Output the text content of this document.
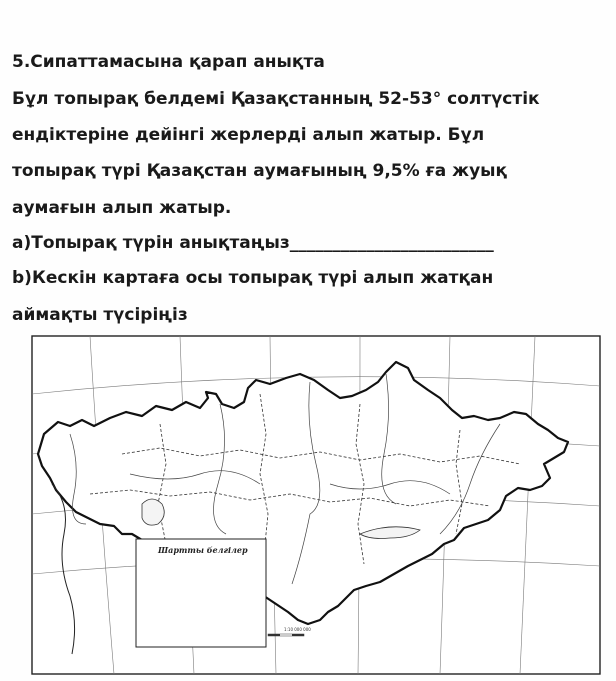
5.Сипаттамасына қарап анықта
Бұл топырақ белдемі Қазақстанның 52-53° солтүстік
ендіктеріне дейінгі жерлерді алып жатыр. Бұл
топырақ түрі Қазақстан аумағының 9,5% ға жуық
аумағын алып жатыр.
а)Топырақ түрін анықтаңыз________________________
b)Кескін картаға осы топырақ түрі алып жатқан
аймақты түсіріңіз
Шартты белгілер
1:10 000 000
